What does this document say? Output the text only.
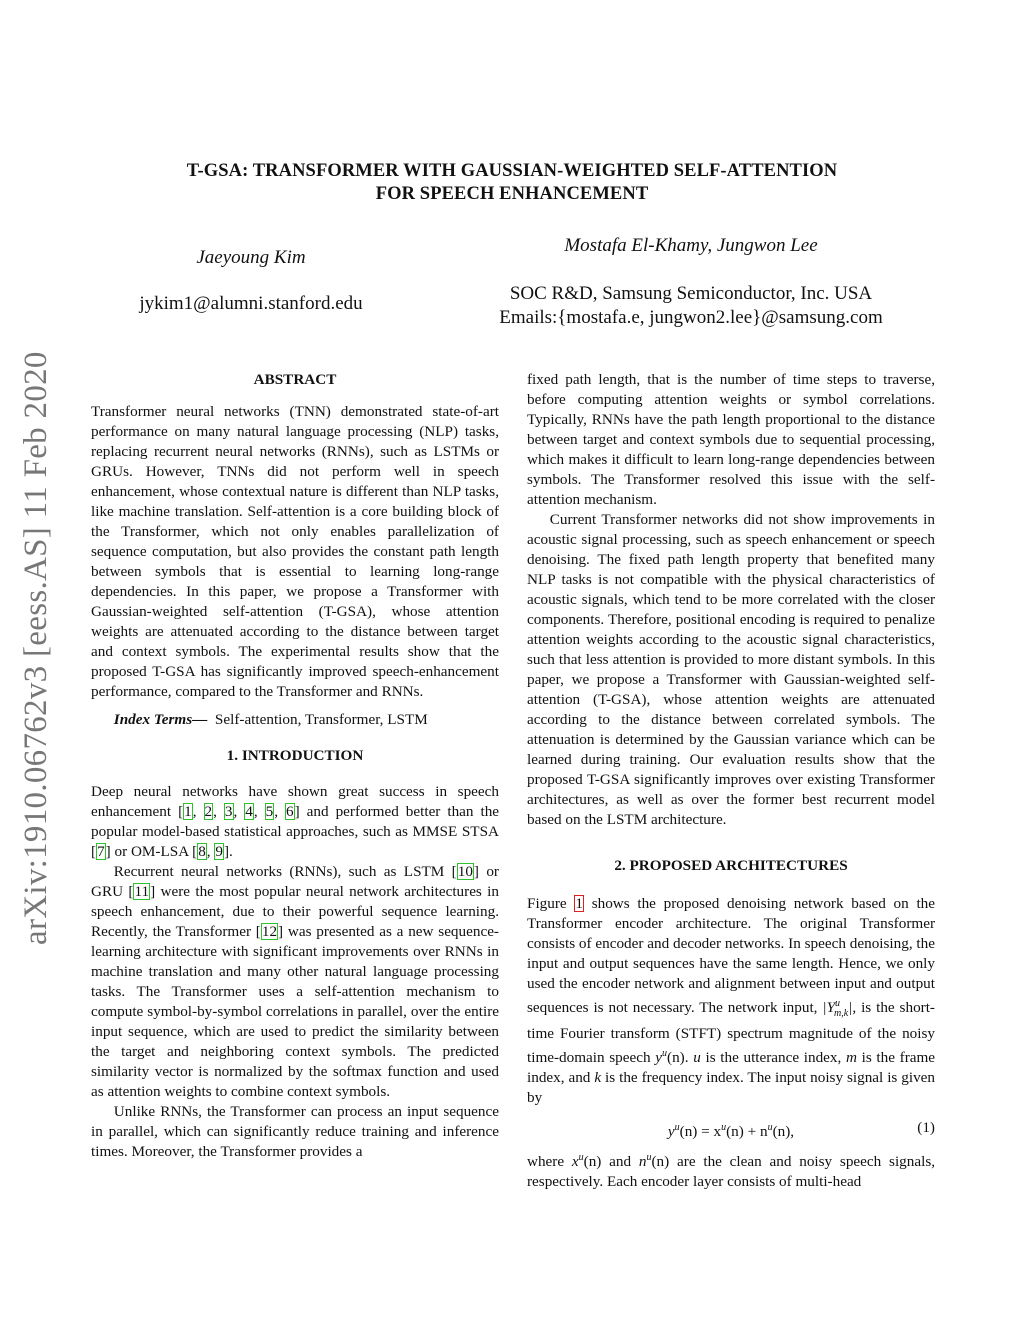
T-GSA: TRANSFORMER WITH GAUSSIAN-WEIGHTED SELF-ATTENTION
FOR SPEECH ENHANCEMENT
Jaeyoung Kim
jykim1@alumni.stanford.edu
Mostafa El-Khamy, Jungwon Lee
SOC R&D, Samsung Semiconductor, Inc. USA
Emails:{mostafa.e, jungwon2.lee}@samsung.com
arXiv:1910.06762v3 [eess.AS] 11 Feb 2020	ABSTRACT

Transformer neural networks (TNN) demonstrated state-of-art performance on many natural language processing (NLP) tasks, replacing recurrent neural networks (RNNs), such as LSTMs or GRUs. However, TNNs did not perform well in speech enhancement, whose contextual nature is different than NLP tasks, like machine translation. Self-attention is a core building block of the Transformer, which not only enables parallelization of sequence computation, but also provides the constant path length between symbols that is essential to learning long-range dependencies. In this paper, we propose a Transformer with Gaussian-weighted self-attention (T-GSA), whose attention weights are attenuated according to the distance between target and context symbols. The experimental results show that the proposed T-GSA has significantly improved speech-enhancement performance, compared to the Transformer and RNNs.

Index Terms— Self-attention, Transformer, LSTM

1. INTRODUCTION

Deep neural networks have shown great success in speech enhancement [1, 2, 3, 4, 5, 6] and performed better than the popular model-based statistical approaches, such as MMSE STSA [7] or OM-LSA [8, 9].

Recurrent neural networks (RNNs), such as LSTM [10] or GRU [11] were the most popular neural network architectures in speech enhancement, due to their powerful sequence learning. Recently, the Transformer [12] was presented as a new sequence-learning architecture with significant improvements over RNNs in machine translation and many other natural language processing tasks. The Transformer uses a self-attention mechanism to compute symbol-by-symbol correlations in parallel, over the entire input sequence, which are used to predict the similarity between the target and neighboring context symbols. The predicted similarity vector is normalized by the softmax function and used as attention weights to combine context symbols.

Unlike RNNs, the Transformer can process an input sequence in parallel, which can significantly reduce training and inference times. Moreover, the Transformer provides a

fixed path length, that is the number of time steps to traverse, before computing attention weights or symbol correlations. Typically, RNNs have the path length proportional to the distance between target and context symbols due to sequential processing, which makes it difficult to learn long-range dependencies between symbols. The Transformer resolved this issue with the self-attention mechanism.

Current Transformer networks did not show improvements in acoustic signal processing, such as speech enhancement or speech denoising. The fixed path length property that benefited many NLP tasks is not compatible with the physical characteristics of acoustic signals, which tend to be more correlated with the closer components. Therefore, positional encoding is required to penalize attention weights according to the acoustic signal characteristics, such that less attention is provided to more distant symbols. In this paper, we propose a Transformer with Gaussian-weighted self-attention (T-GSA), whose attention weights are attenuated according to the distance between correlated symbols. The attenuation is determined by the Gaussian variance which can be learned during training. Our evaluation results show that the proposed T-GSA significantly improves over existing Transformer architectures, as well as over the former best recurrent model based on the LSTM architecture.

2. PROPOSED ARCHITECTURES

Figure 1 shows the proposed denoising network based on the Transformer encoder architecture. The original Transformer consists of encoder and decoder networks. In speech denoising, the input and output sequences have the same length. Hence, we only used the encoder network and alignment between input and output sequences is not necessary. The network input, $|Y^u_{m,k}|$, is the short-time Fourier transform (STFT) spectrum magnitude of the noisy time-domain speech $y^u(n)$. u is the utterance index, m is the frame index, and k is the frequency index. The input noisy signal is given by

$y^u(n) = x^u(n) + n^u(n)$,	(1)

where $x^u(n)$ and $n^u(n)$ are the clean and noisy speech signals, respectively. Each encoder layer consists of multi-head
